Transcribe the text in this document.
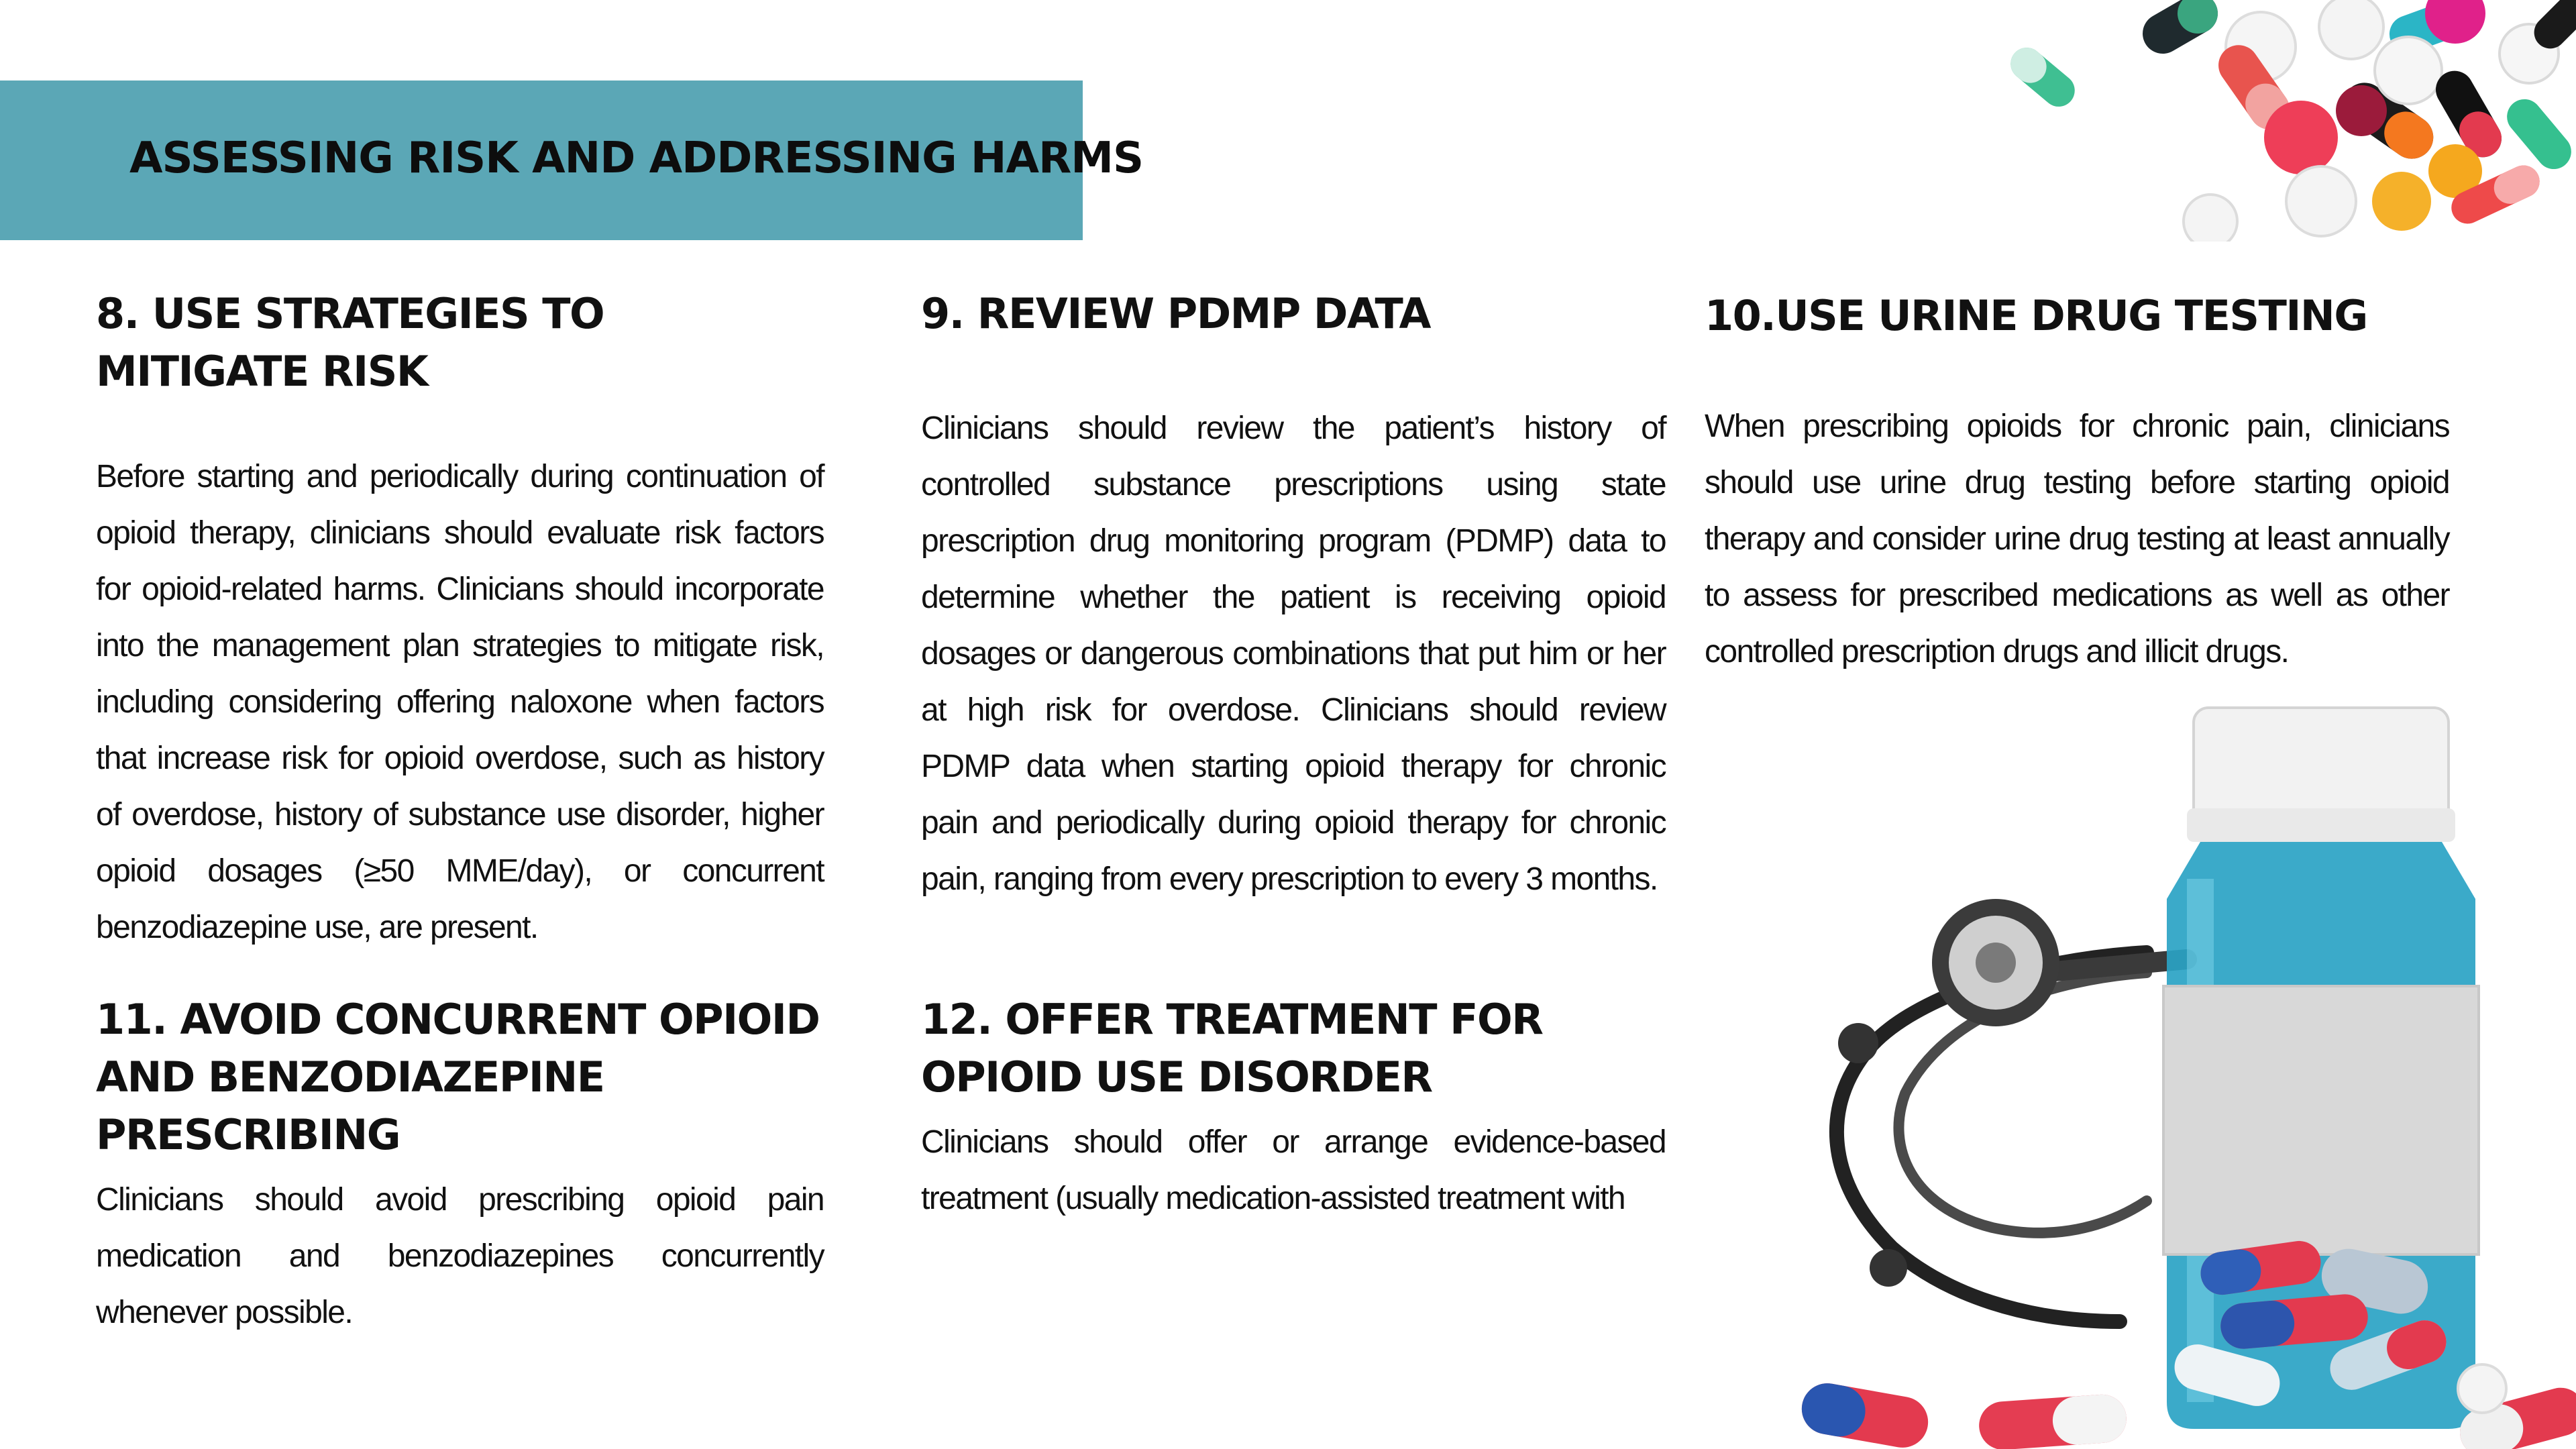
ASSESSING RISK AND ADDRESSING HARMS
8. USE STRATEGIES TO MITIGATE RISK

Before starting and periodically during continuation of opioid therapy, clinicians should evaluate risk factors for opioid-related harms. Clinicians should incorporate into the management plan strategies to mitigate risk, including considering offering naloxone when factors that increase risk for opioid overdose, such as history of overdose, history of substance use disorder, higher opioid dosages (≥50 MME/day), or concurrent benzodiazepine use, are present.

9. REVIEW PDMP DATA

Clinicians should review the patient’s history of controlled substance prescriptions using state prescription drug monitoring program (PDMP) data to determine whether the patient is receiving opioid dosages or dangerous combinations that put him or her at high risk for overdose. Clinicians should review PDMP data when starting opioid therapy for chronic pain and periodically during opioid therapy for chronic pain, ranging from every prescription to every 3 months.

10.USE URINE DRUG TESTING

When prescribing opioids for chronic pain, clinicians should use urine drug testing before starting opioid therapy and consider urine drug testing at least annually to assess for prescribed medications as well as other controlled prescription drugs and illicit drugs.

11. AVOID CONCURRENT OPIOID AND BENZODIAZEPINE PRESCRIBING

Clinicians should avoid prescribing opioid pain medication and benzodiazepines concurrently whenever possible.

12. OFFER TREATMENT FOR OPIOID USE DISORDER

Clinicians should offer or arrange evidence-based treatment (usually medication-assisted treatment with
